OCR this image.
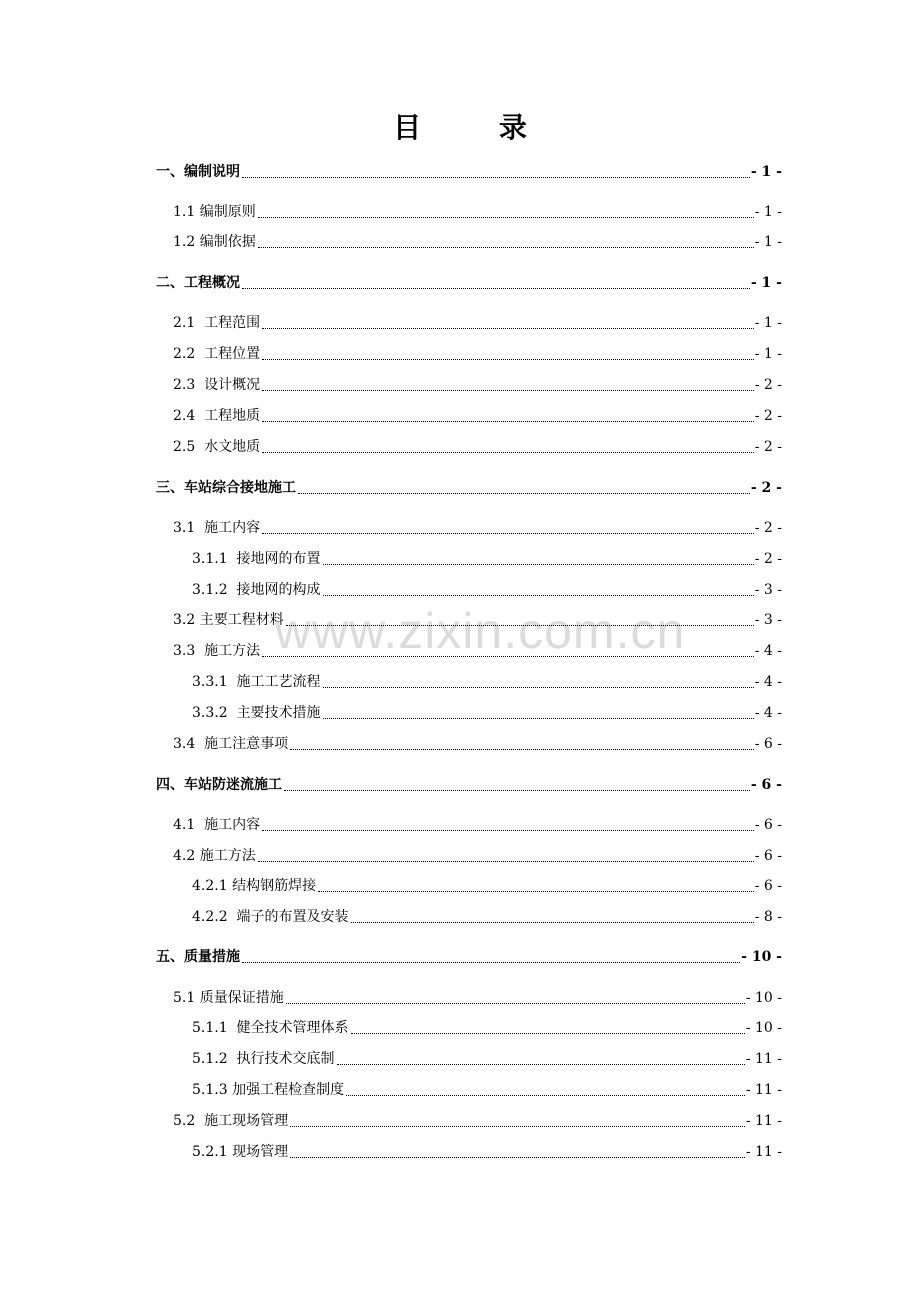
目 录
www.zixin.com.cn
一、编制说明	- 1 -
1.1 编制原则	- 1 -
1.2 编制依据	- 1 -
二、工程概况	- 1 -
2.1  工程范围	- 1 -
2.2  工程位置	- 1 -
2.3  设计概况	- 2 -
2.4  工程地质	- 2 -
2.5  水文地质	- 2 -
三、车站综合接地施工	- 2 -
3.1  施工内容	- 2 -
3.1.1  接地网的布置	- 2 -
3.1.2  接地网的构成	- 3 -
3.2 主要工程材料	- 3 -
3.3  施工方法	- 4 -
3.3.1  施工工艺流程	- 4 -
3.3.2  主要技术措施	- 4 -
3.4  施工注意事项	- 6 -
四、车站防迷流施工	- 6 -
4.1  施工内容	- 6 -
4.2 施工方法	- 6 -
4.2.1 结构钢筋焊接	- 6 -
4.2.2  端子的布置及安装	- 8 -
五、质量措施	- 10 -
5.1 质量保证措施	- 10 -
5.1.1  健全技术管理体系	- 10 -
5.1.2  执行技术交底制	- 11 -
5.1.3 加强工程检查制度	- 11 -
5.2  施工现场管理	- 11 -
5.2.1 现场管理	- 11 -
